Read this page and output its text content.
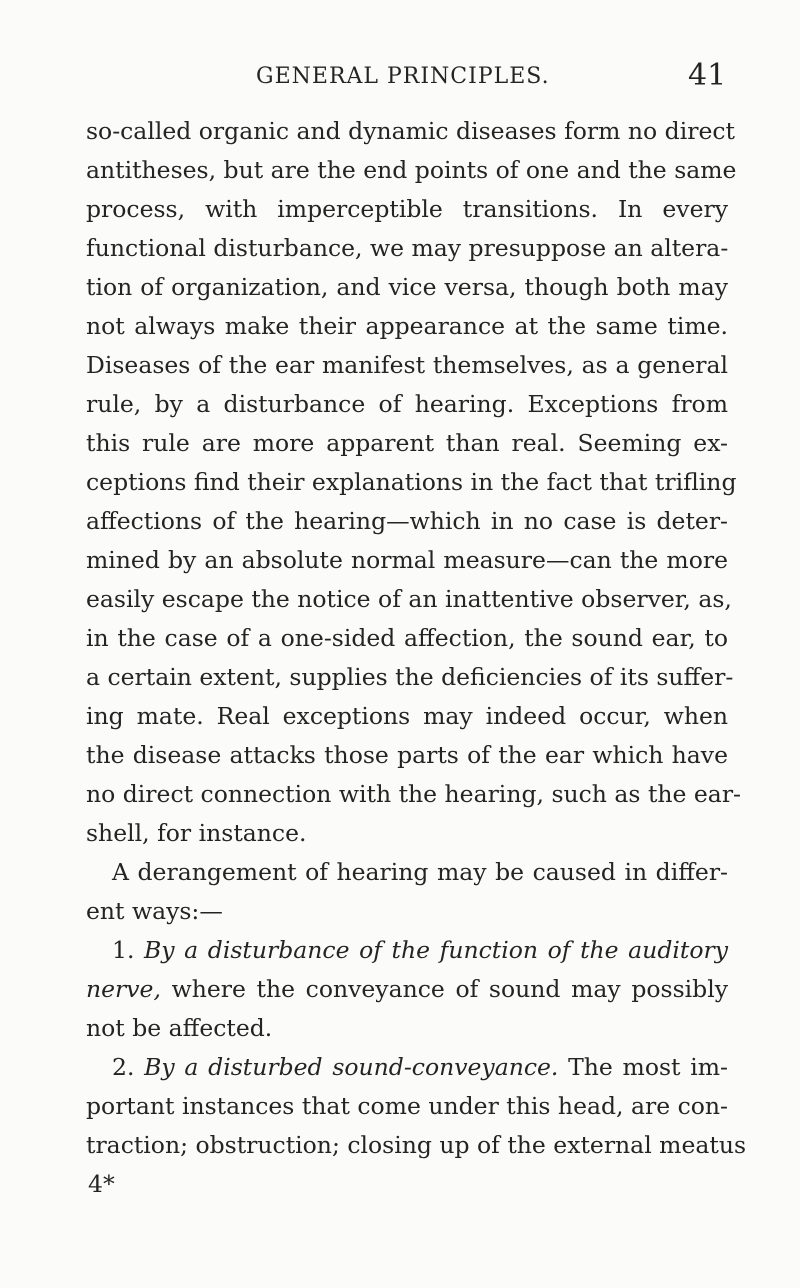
GENERAL PRINCIPLES.	41
so-called organic and dynamic diseases form no direct
antitheses, but are the end points of one and the same
process, with imperceptible transitions. In every
functional disturbance, we may presuppose an altera-
tion of organization, and vice versa, though both may
not always make their appearance at the same time.
Diseases of the ear manifest themselves, as a general
rule, by a disturbance of hearing. Exceptions from
this rule are more apparent than real. Seeming ex-
ceptions find their explanations in the fact that trifling
affections of the hearing—which in no case is deter-
mined by an absolute normal measure—can the more
easily escape the notice of an inattentive observer, as,
in the case of a one-sided affection, the sound ear, to
a certain extent, supplies the deficiencies of its suffer-
ing mate. Real exceptions may indeed occur, when
the disease attacks those parts of the ear which have
no direct connection with the hearing, such as the ear-
shell, for instance.
A derangement of hearing may be caused in differ-
ent ways:—
1. By a disturbance of the function of the auditory
nerve, where the conveyance of sound may possibly
not be affected.
2. By a disturbed sound-conveyance. The most im-
portant instances that come under this head, are con-
traction; obstruction; closing up of the external meatus
4*
